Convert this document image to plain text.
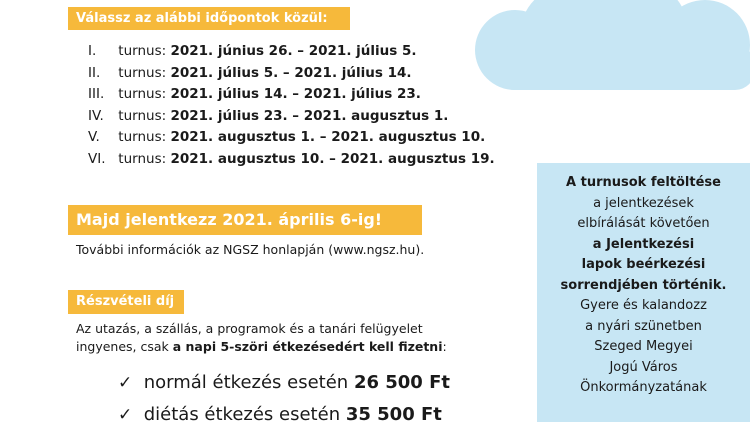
Válassz az alábbi időpontok közül:
I. turnus: 2021. június 26. – 2021. július 5.
II. turnus: 2021. július 5. – 2021. július 14.
III. turnus: 2021. július 14. – 2021. július 23.
IV. turnus: 2021. július 23. – 2021. augusztus 1.
V. turnus: 2021. augusztus 1. – 2021. augusztus 10.
VI. turnus: 2021. augusztus 10. – 2021. augusztus 19.
Majd jelentkezz 2021. április 6-ig!
További információk az NGSZ honlapján (www.ngsz.hu).
Részvételi díj
Az utazás, a szállás, a programok és a tanári felügyelet
ingyenes, csak a napi 5-szöri étkezésedért kell fizetni:
✓ normál étkezés esetén 26 500 Ft
✓ diétás étkezés esetén 35 500 Ft
A turnusok feltöltése
a jelentkezések
elbírálását követően
a Jelentkezési
lapok beérkezési
sorrendjében történik.
Gyere és kalandozz
a nyári szünetben
Szeged Megyei
Jogú Város
Önkormányzatának
